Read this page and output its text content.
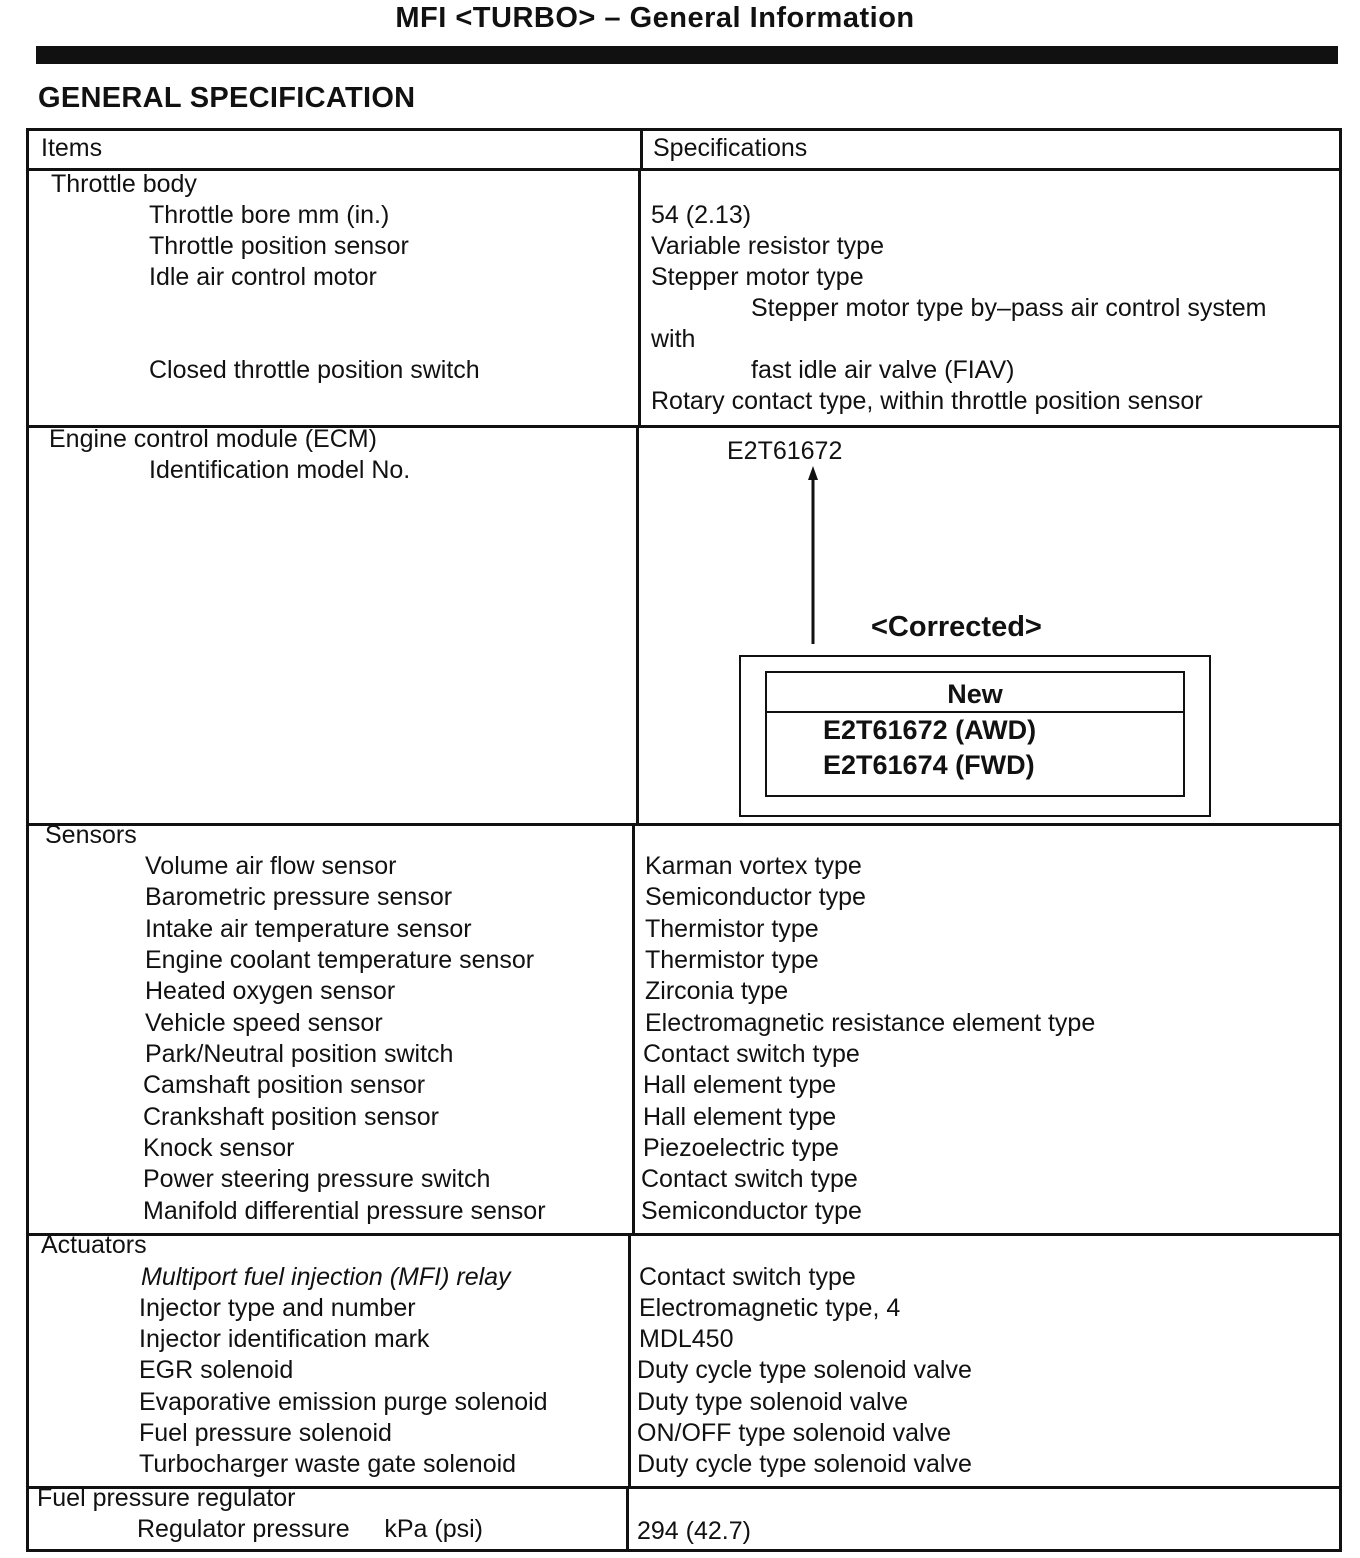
MFI <TURBO> – General Information
GENERAL SPECIFICATION
Items	Specifications
Throttle body
Throttle bore mm (in.)
Throttle position sensor
Idle air control motor
Closed throttle position switch
54 (2.13)
Variable resistor type
Stepper motor type
Stepper motor type by–pass air control system
with
fast idle air valve (FIAV)
Rotary contact type, within throttle position sensor
Engine control module (ECM)
Identification model No.
E2T61672
<Corrected>
New
E2T61672 (AWD)
E2T61674 (FWD)
Sensors
Volume air flow sensor
Barometric pressure sensor
Intake air temperature sensor
Engine coolant temperature sensor
Heated oxygen sensor
Vehicle speed sensor
Park/Neutral position switch
Camshaft position sensor
Crankshaft position sensor
Knock sensor
Power steering pressure switch
Manifold differential pressure sensor
Karman vortex type
Semiconductor type
Thermistor type
Thermistor type
Zirconia type
Electromagnetic resistance element type
Contact switch type
Hall element type
Hall element type
Piezoelectric type
Contact switch type
Semiconductor type
Actuators
Multiport fuel injection (MFI) relay
Injector type and number
Injector identification mark
EGR solenoid
Evaporative emission purge solenoid
Fuel pressure solenoid
Turbocharger waste gate solenoid
Contact switch type
Electromagnetic type, 4
MDL450
Duty cycle type solenoid valve
Duty type solenoid valve
ON/OFF type solenoid valve
Duty cycle type solenoid valve
Fuel pressure regulator
Regulator pressure     kPa (psi)	294 (42.7)
